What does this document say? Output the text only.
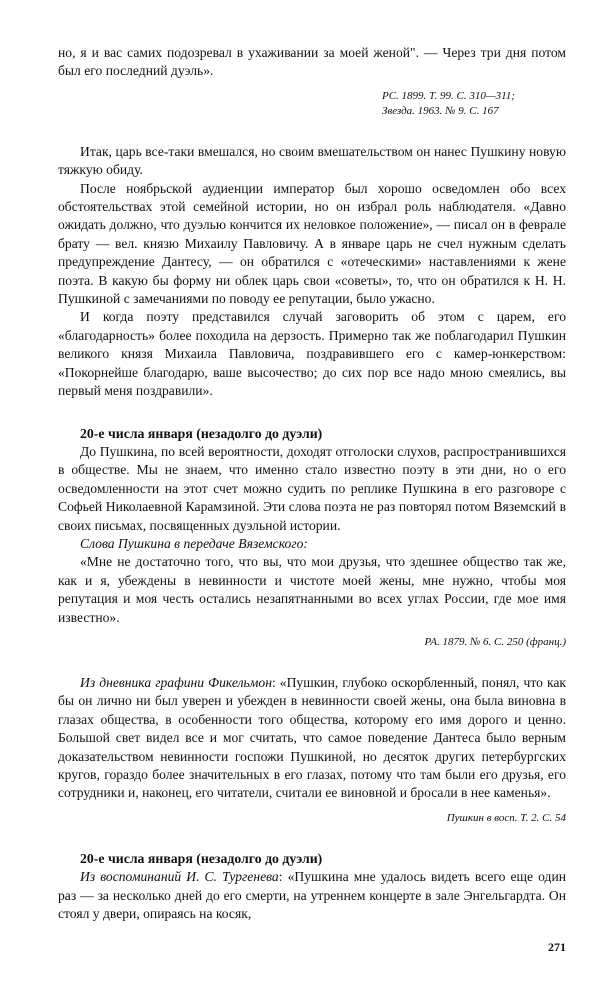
но, я и вас самих подозревал в ухаживании за моей женой". — Через три дня потом был его последний дуэль».

РС. 1899. Т. 99. С. 310—311;
Звезда. 1963. № 9. С. 167

Итак, царь все-таки вмешался, но своим вмешательством он нанес Пушкину новую тяжкую обиду.

После ноябрьской аудиенции император был хорошо осведомлен обо всех обстоятельствах этой семейной истории, но он избрал роль наблюдателя. «Давно ожидать должно, что дуэлью кончится их неловкое положение», — писал он в феврале брату — вел. князю Михаилу Павловичу. А в январе царь не счел нужным сделать предупреждение Дантесу, — он обратился с «отеческими» наставлениями к жене поэта. В какую бы форму ни облек царь свои «советы», то, что он обратился к Н. Н. Пушкиной с замечаниями по поводу ее репутации, было ужасно.

И когда поэту представился случай заговорить об этом с царем, его «благодарность» более походила на дерзость. Примерно так же поблагодарил Пушкин великого князя Михаила Павловича, поздравившего его с камер-юнкерством: «Покорнейше благодарю, ваше высочество; до сих пор все надо мною смеялись, вы первый меня поздравили».

20-е числа января (незадолго до дуэли)

До Пушкина, по всей вероятности, доходят отголоски слухов, распространившихся в обществе. Мы не знаем, что именно стало известно поэту в эти дни, но о его осведомленности на этот счет можно судить по реплике Пушкина в его разговоре с Софьей Николаевной Карамзиной. Эти слова поэта не раз повторял потом Вяземский в своих письмах, посвященных дуэльной истории.

Слова Пушкина в передаче Вяземского:

«Мне не достаточно того, что вы, что мои друзья, что здешнее общество так же, как и я, убеждены в невинности и чистоте моей жены, мне нужно, чтобы моя репутация и моя честь остались незапятнанными во всех углах России, где мое имя известно».

РА. 1879. № 6. С. 250 (франц.)

Из дневника графини Фикельмон: «Пушкин, глубоко оскорбленный, понял, что как бы он лично ни был уверен и убежден в невинности своей жены, она была виновна в глазах общества, в особенности того общества, которому его имя дорого и ценно. Большой свет видел все и мог считать, что самое поведение Дантеса было верным доказательством невинности госпожи Пушкиной, но десяток других петербургских кругов, гораздо более значительных в его глазах, потому что там были его друзья, его сотрудники и, наконец, его читатели, считали ее виновной и бросали в нее каменья».

Пушкин в восп. Т. 2. С. 54
20-е числа января (незадолго до дуэли)

Из воспоминаний И. С. Тургенева: «Пушкина мне удалось видеть всего еще один раз — за несколько дней до его смерти, на утреннем концерте в зале Энгельгардта. Он стоял у двери, опираясь на косяк,

271
